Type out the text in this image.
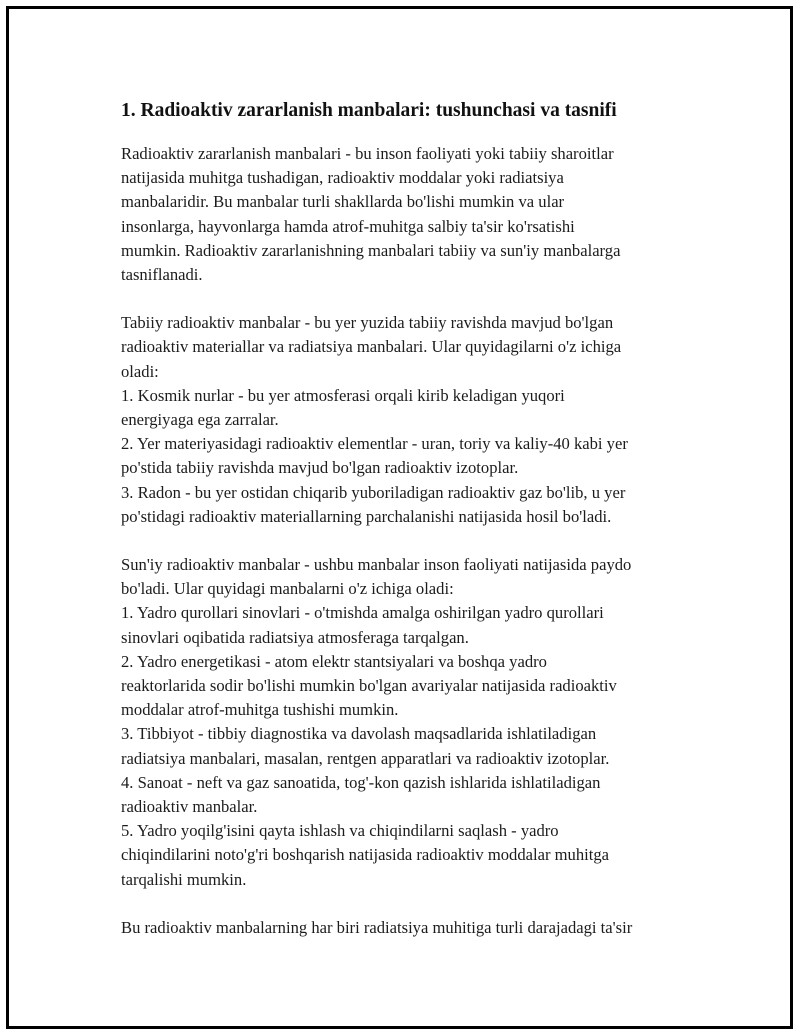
1. Radioaktiv zararlanish manbalari: tushunchasi va tasnifi
Radioaktiv zararlanish manbalari - bu inson faoliyati yoki tabiiy sharoitlar
natijasida muhitga tushadigan, radioaktiv moddalar yoki radiatsiya
manbalaridir. Bu manbalar turli shakllarda bo'lishi mumkin va ular
insonlarga, hayvonlarga hamda atrof-muhitga salbiy ta'sir ko'rsatishi
mumkin. Radioaktiv zararlanishning manbalari tabiiy va sun'iy manbalarga
tasniflanadi.
Tabiiy radioaktiv manbalar - bu yer yuzida tabiiy ravishda mavjud bo'lgan
radioaktiv materiallar va radiatsiya manbalari. Ular quyidagilarni o'z ichiga
oladi:
1. Kosmik nurlar - bu yer atmosferasi orqali kirib keladigan yuqori
energiyaga ega zarralar.
2. Yer materiyasidagi radioaktiv elementlar - uran, toriy va kaliy-40 kabi yer
po'stida tabiiy ravishda mavjud bo'lgan radioaktiv izotoplar.
3. Radon - bu yer ostidan chiqarib yuboriladigan radioaktiv gaz bo'lib, u yer
po'stidagi radioaktiv materiallarning parchalanishi natijasida hosil bo'ladi.
Sun'iy radioaktiv manbalar - ushbu manbalar inson faoliyati natijasida paydo
bo'ladi. Ular quyidagi manbalarni o'z ichiga oladi:
1. Yadro qurollari sinovlari - o'tmishda amalga oshirilgan yadro qurollari
sinovlari oqibatida radiatsiya atmosferaga tarqalgan.
2. Yadro energetikasi - atom elektr stantsiyalari va boshqa yadro
reaktorlarida sodir bo'lishi mumkin bo'lgan avariyalar natijasida radioaktiv
moddalar atrof-muhitga tushishi mumkin.
3. Tibbiyot - tibbiy diagnostika va davolash maqsadlarida ishlatiladigan
radiatsiya manbalari, masalan, rentgen apparatlari va radioaktiv izotoplar.
4. Sanoat - neft va gaz sanoatida, tog'-kon qazish ishlarida ishlatiladigan
radioaktiv manbalar.
5. Yadro yoqilg'isini qayta ishlash va chiqindilarni saqlash - yadro
chiqindilarini noto'g'ri boshqarish natijasida radioaktiv moddalar muhitga
tarqalishi mumkin.
Bu radioaktiv manbalarning har biri radiatsiya muhitiga turli darajadagi ta'sir
